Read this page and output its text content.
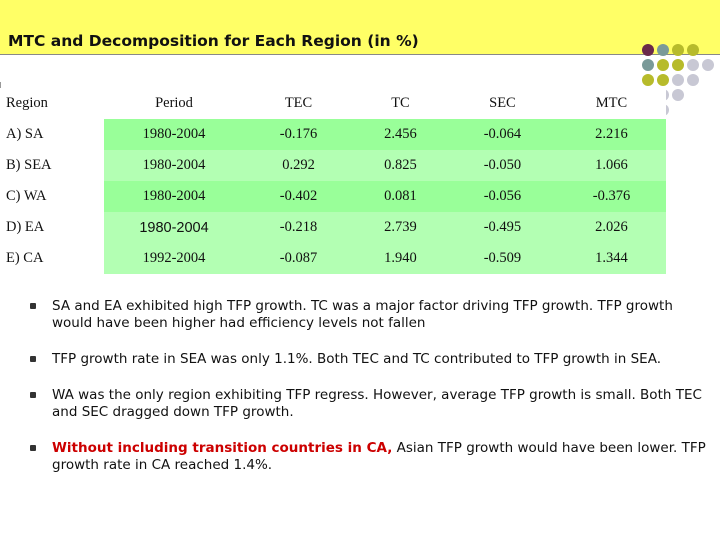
MTC and Decomposition for Each Region (in %)
Region	Period	TEC	TC	SEC	MTC
A) SA	1980-2004	-0.176	2.456	-0.064	2.216
B) SEA	1980-2004	0.292	0.825	-0.050	1.066
C) WA	1980-2004	-0.402	0.081	-0.056	-0.376
D) EA	1980-2004	-0.218	2.739	-0.495	2.026
E) CA	1992-2004	-0.087	1.940	-0.509	1.344
SA and EA exhibited high TFP growth. TC was a major factor driving TFP growth. TFP growth would have been higher had efficiency levels not fallen
TFP growth rate in SEA was only 1.1%. Both TEC and TC contributed to TFP growth in SEA.
WA was the only region exhibiting TFP regress. However, average TFP growth is small. Both TEC and SEC dragged down TFP growth.
Without including transition countries in CA, Asian TFP growth would have been lower. TFP growth rate in CA reached 1.4%.
